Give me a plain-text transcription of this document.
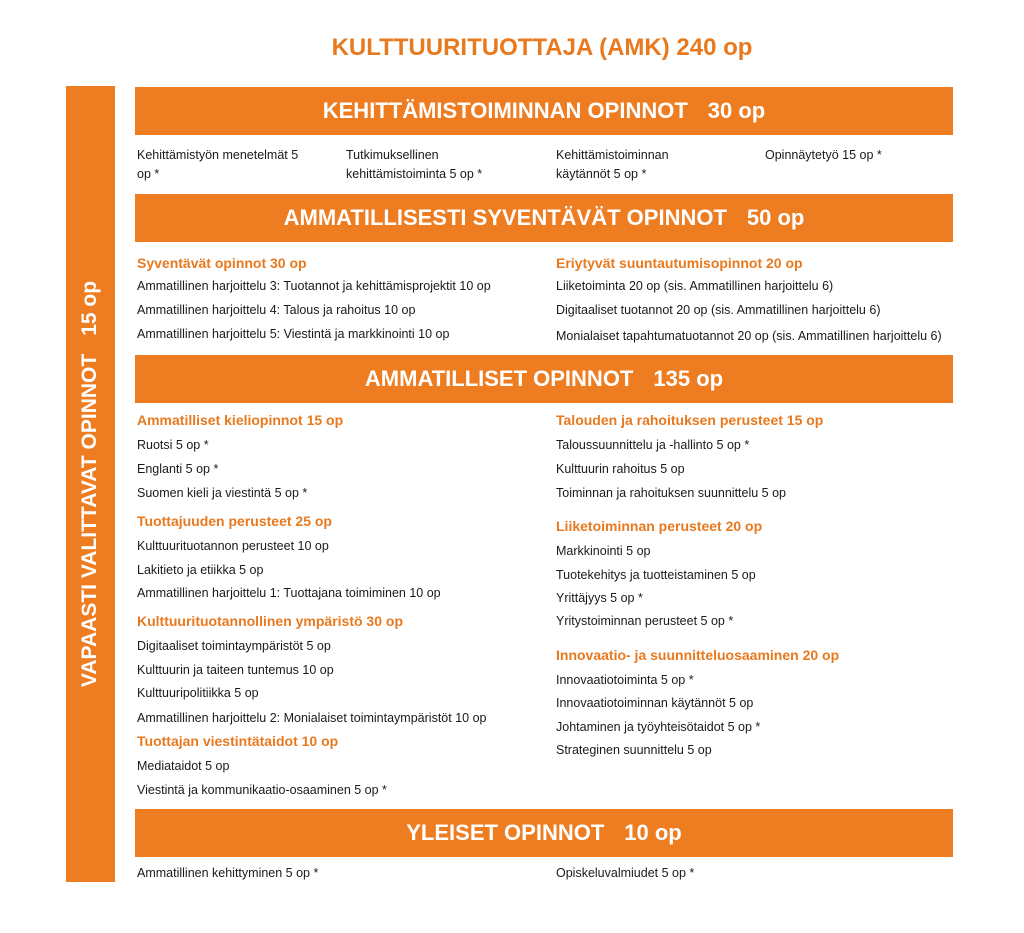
KULTTUURITUOTTAJA (AMK) 240 op
VAPAASTI VALITTAVAT OPINNOT15 op
KEHITTÄMISTOIMINNAN OPINNOT 30 op
Kehittämistyön menetelmät 5
op *
Tutkimuksellinen
kehittämistoiminta 5 op *
Kehittämistoiminnan
käytännöt 5 op *
Opinnäytetyö 15 op *
AMMATILLISESTI SYVENTÄVÄT OPINNOT 50 op
Syventävät opinnot 30 op
Ammatillinen harjoittelu 3: Tuotannot ja kehittämisprojektit 10 op
Ammatillinen harjoittelu 4: Talous ja rahoitus 10 op
Ammatillinen harjoittelu 5: Viestintä ja markkinointi 10 op
Eriytyvät suuntautumisopinnot 20 op
Liiketoiminta 20 op (sis. Ammatillinen harjoittelu 6)
Digitaaliset tuotannot 20 op (sis. Ammatillinen harjoittelu 6)
Monialaiset tapahtumatuotannot 20 op (sis. Ammatillinen harjoittelu 6)
AMMATILLISET OPINNOT 135 op
Ammatilliset kieliopinnot 15 op
Ruotsi 5 op *
Englanti 5 op *
Suomen kieli ja viestintä 5 op *
Tuottajuuden perusteet 25 op
Kulttuurituotannon perusteet 10 op
Lakitieto ja etiikka 5 op
Ammatillinen harjoittelu 1: Tuottajana toimiminen 10 op
Kulttuurituotannollinen ympäristö 30 op
Digitaaliset toimintaympäristöt 5 op
Kulttuurin ja taiteen tuntemus 10 op
Kulttuuripolitiikka 5 op
Ammatillinen harjoittelu 2: Monialaiset toimintaympäristöt 10 op
Tuottajan viestintätaidot 10 op
Mediataidot 5 op
Viestintä ja kommunikaatio-osaaminen 5 op *
Talouden ja rahoituksen perusteet 15 op
Taloussuunnittelu ja -hallinto 5 op *
Kulttuurin rahoitus 5 op
Toiminnan ja rahoituksen suunnittelu 5 op
Liiketoiminnan perusteet 20 op
Markkinointi 5 op
Tuotekehitys ja tuotteistaminen 5 op
Yrittäjyys 5 op *
Yritystoiminnan perusteet 5 op *
Innovaatio- ja suunnitteluosaaminen 20 op
Innovaatiotoiminta 5 op *
Innovaatiotoiminnan käytännöt 5 op
Johtaminen ja työyhteisötaidot 5 op *
Strateginen suunnittelu 5 op
YLEISET OPINNOT 10 op
Ammatillinen kehittyminen 5 op *	Opiskeluvalmiudet 5 op *
